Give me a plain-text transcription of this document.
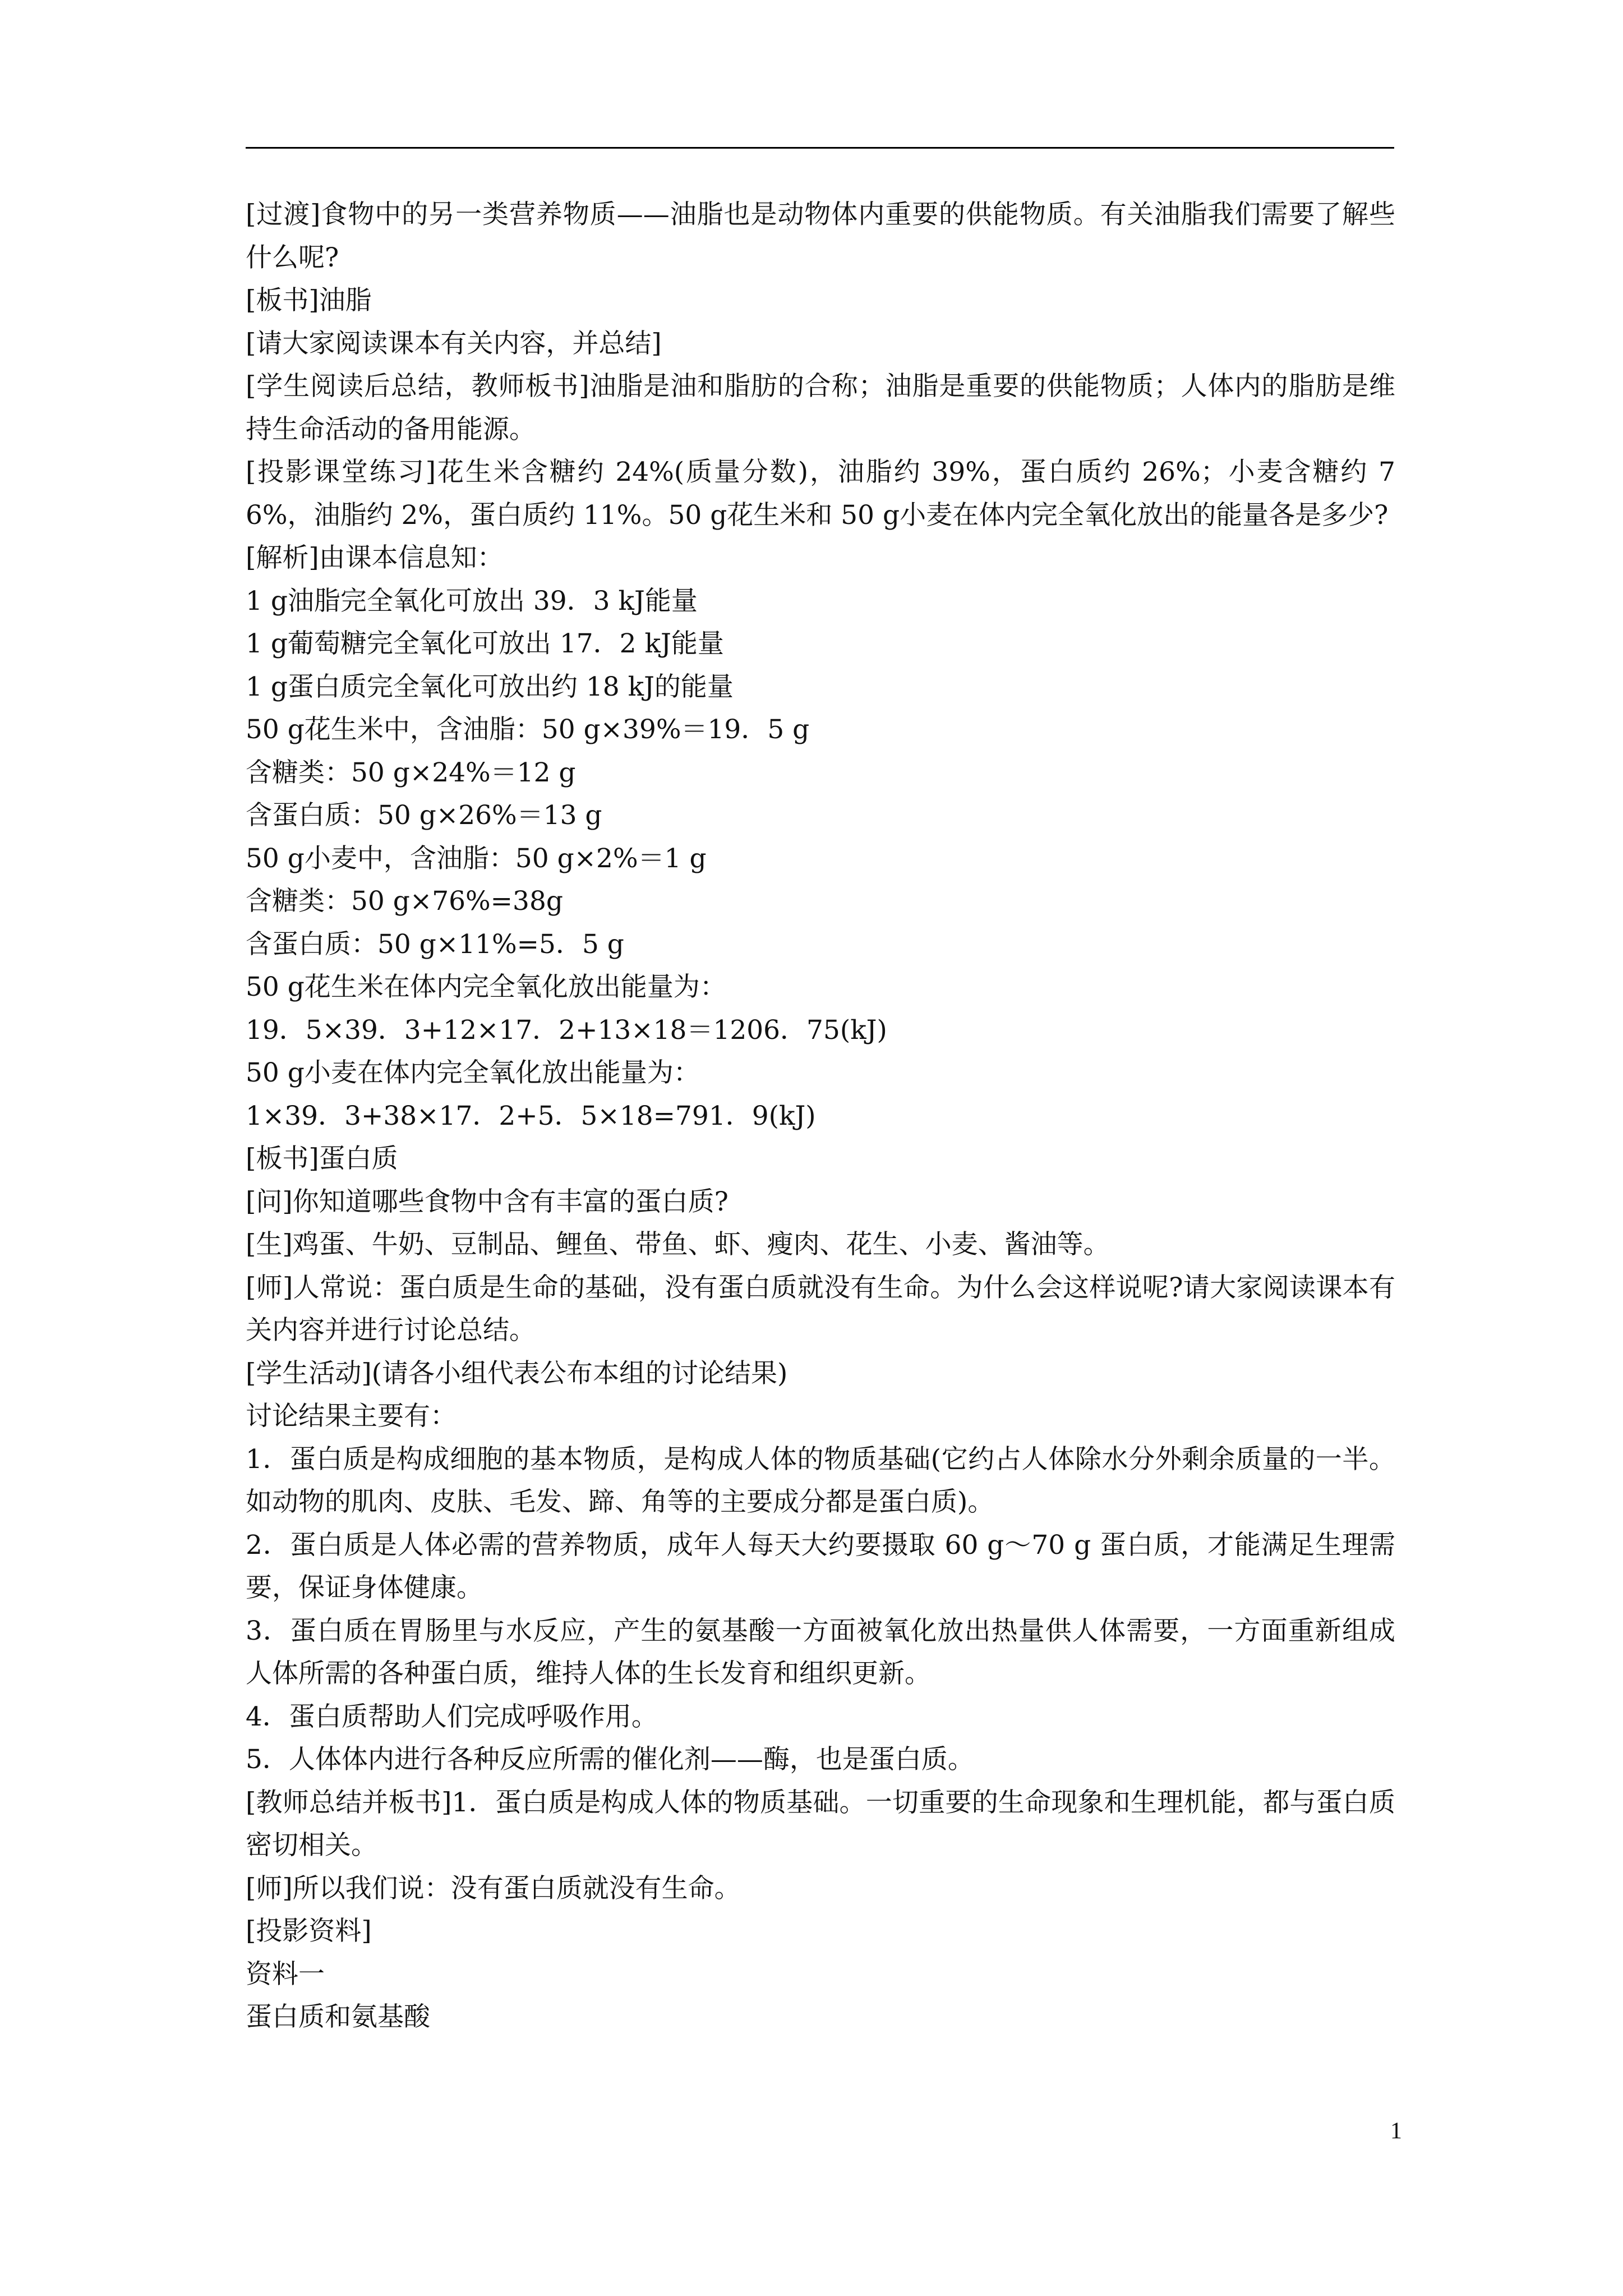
[过渡]食物中的另一类营养物质——油脂也是动物体内重要的供能物质。有关油脂我们需要了解些什么呢?

[板书]油脂

[请大家阅读课本有关内容，并总结]

[学生阅读后总结，教师板书]油脂是油和脂肪的合称；油脂是重要的供能物质；人体内的脂肪是维持生命活动的备用能源。

[投影课堂练习]花生米含糖约 24%(质量分数)，油脂约 39%，蛋白质约 26%；小麦含糖约 76%，油脂约 2%，蛋白质约 11%。50 g花生米和 50 g小麦在体内完全氧化放出的能量各是多少?

[解析]由课本信息知：

1 g油脂完全氧化可放出 39．3 kJ能量

1 g葡萄糖完全氧化可放出 17．2 kJ能量

1 g蛋白质完全氧化可放出约 18 kJ的能量

50 g花生米中，含油脂：50 g×39%＝19．5 g

含糖类：50 g×24%＝12 g

含蛋白质：50 g×26%＝13 g

50 g小麦中，含油脂：50 g×2%＝1 g

含糖类：50 g×76%=38g

含蛋白质：50 g×11%=5．5 g

50 g花生米在体内完全氧化放出能量为：

19．5×39．3+12×17．2+13×18＝1206．75(kJ)

50 g小麦在体内完全氧化放出能量为：

1×39．3+38×17．2+5．5×18=791．9(kJ)

[板书]蛋白质

[问]你知道哪些食物中含有丰富的蛋白质?

[生]鸡蛋、牛奶、豆制品、鲤鱼、带鱼、虾、瘦肉、花生、小麦、酱油等。

[师]人常说：蛋白质是生命的基础，没有蛋白质就没有生命。为什么会这样说呢?请大家阅读课本有关内容并进行讨论总结。

[学生活动](请各小组代表公布本组的讨论结果)

讨论结果主要有：

1．蛋白质是构成细胞的基本物质，是构成人体的物质基础(它约占人体除水分外剩余质量的一半。如动物的肌肉、皮肤、毛发、蹄、角等的主要成分都是蛋白质)。

2．蛋白质是人体必需的营养物质，成年人每天大约要摄取 60 g～70 g 蛋白质，才能满足生理需要，保证身体健康。

3．蛋白质在胃肠里与水反应，产生的氨基酸一方面被氧化放出热量供人体需要，一方面重新组成人体所需的各种蛋白质，维持人体的生长发育和组织更新。

4．蛋白质帮助人们完成呼吸作用。

5．人体体内进行各种反应所需的催化剂——酶，也是蛋白质。

[教师总结并板书]1．蛋白质是构成人体的物质基础。一切重要的生命现象和生理机能，都与蛋白质密切相关。

[师]所以我们说：没有蛋白质就没有生命。

[投影资料]

资料一

蛋白质和氨基酸

1
